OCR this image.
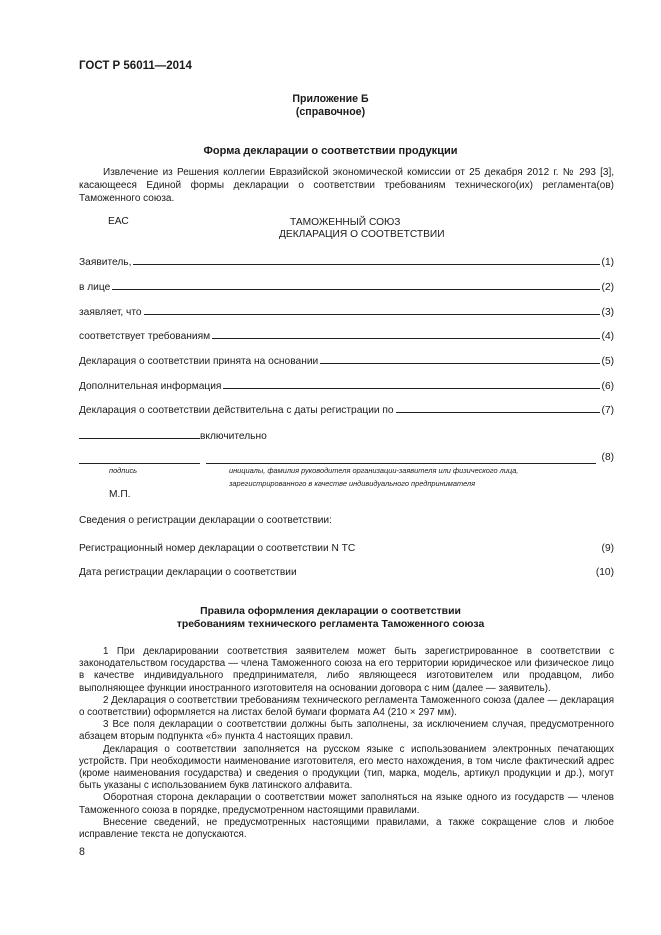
ГОСТ Р 56011—2014
Приложение Б
(справочное)
Форма декларации о соответствии продукции
Извлечение из Решения коллегии Евразийской экономической комиссии от 25 декабря 2012 г. № 293 [3], касающееся Единой формы декларации о соответствии требованиям технического(их) регламента(ов) Таможенного союза.
ЕАС	ТАМОЖЕННЫЙ СОЮЗ
ДЕКЛАРАЦИЯ О СООТВЕТСТВИИ
Заявитель,	(1)
в лице	(2)
заявляет, что	(3)
соответствует требованиям	(4)
Декларация о соответствии принята на основании	(5)
Дополнительная информация	(6)
Декларация о соответствии действительна с даты регистрации по	(7)
включительно
(8)
подпись	инициалы, фамилия руководителя организации-заявителя или физического лица,
зарегистрированного в качестве индивидуального предпринимателя
М.П.
Сведения о регистрации декларации о соответствии:
Регистрационный номер декларации о соответствии N ТС	(9)
Дата регистрации декларации о соответствии	(10)
Правила оформления декларации о соответствии
требованиям технического регламента Таможенного союза

1 При декларировании соответствия заявителем может быть зарегистрированное в соответствии с законодательством государства — члена Таможенного союза на его территории юридическое или физическое лицо в качестве индивидуального предпринимателя, либо являющееся изготовителем или продавцом, либо выполняющее функции иностранного изготовителя на основании договора с ним (далее — заявитель).

2 Декларация о соответствии требованиям технического регламента Таможенного союза (далее — декларация о соответствии) оформляется на листах белой бумаги формата А4 (210 × 297 мм).

3 Все поля декларации о соответствии должны быть заполнены, за исключением случая, предусмотренного абзацем вторым подпункта «б» пункта 4 настоящих правил.

Декларация о соответствии заполняется на русском языке с использованием электронных печатающих устройств. При необходимости наименование изготовителя, его место нахождения, в том числе фактический адрес (кроме наименования государства) и сведения о продукции (тип, марка, модель, артикул продукции и др.), могут быть указаны с использованием букв латинского алфавита.

Оборотная сторона декларации о соответствии может заполняться на языке одного из государств — членов Таможенного союза в порядке, предусмотренном настоящими правилами.

Внесение сведений, не предусмотренных настоящими правилами, а также сокращение слов и любое исправление текста не допускаются.

8
